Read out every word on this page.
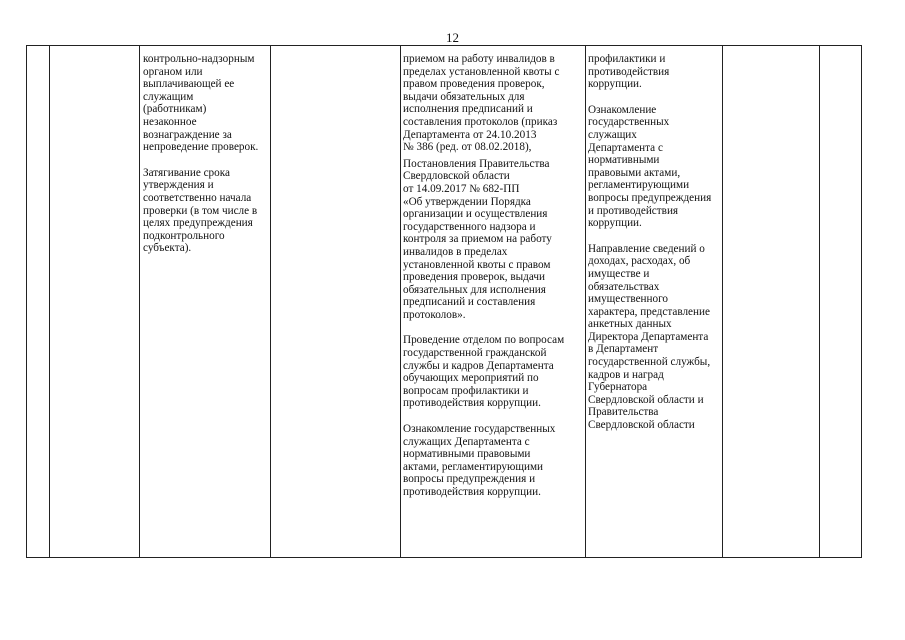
12

контрольно-надзорным
органом или
выплачивающей ее
служащим
(работникам)
незаконное
вознаграждение за
непроведение проверок.
Затягивание срока
утверждения и
соответственно начала
проверки (в том числе в
целях предупреждения
подконтрольного
субъекта).

приемом на работу инвалидов в
пределах установленной квоты с
правом проведения проверок,
выдачи обязательных для
исполнения предписаний и
составления протоколов (приказ
Департамента от 24.10.2013
№ 386 (ред. от 08.02.2018),
Постановления Правительства
Свердловской области
от 14.09.2017 № 682-ПП
«Об утверждении Порядка
организации и осуществления
государственного надзора и
контроля за приемом на работу
инвалидов в пределах
установленной квоты с правом
проведения проверок, выдачи
обязательных для исполнения
предписаний и составления
протоколов».
Проведение отделом по вопросам
государственной гражданской
службы и кадров Департамента
обучающих мероприятий по
вопросам профилактики и
противодействия коррупции.
Ознакомление государственных
служащих Департамента с
нормативными правовыми
актами, регламентирующими
вопросы предупреждения и
противодействия коррупции.

профилактики и
противодействия
коррупции.
Ознакомление
государственных
служащих
Департамента с
нормативными
правовыми актами,
регламентирующими
вопросы предупреждения
и противодействия
коррупции.
Направление сведений о
доходах, расходах, об
имуществе и
обязательствах
имущественного
характера, представление
анкетных данных
Директора Департамента
в Департамент
государственной службы,
кадров и наград
Губернатора
Свердловской области и
Правительства
Свердловской области
